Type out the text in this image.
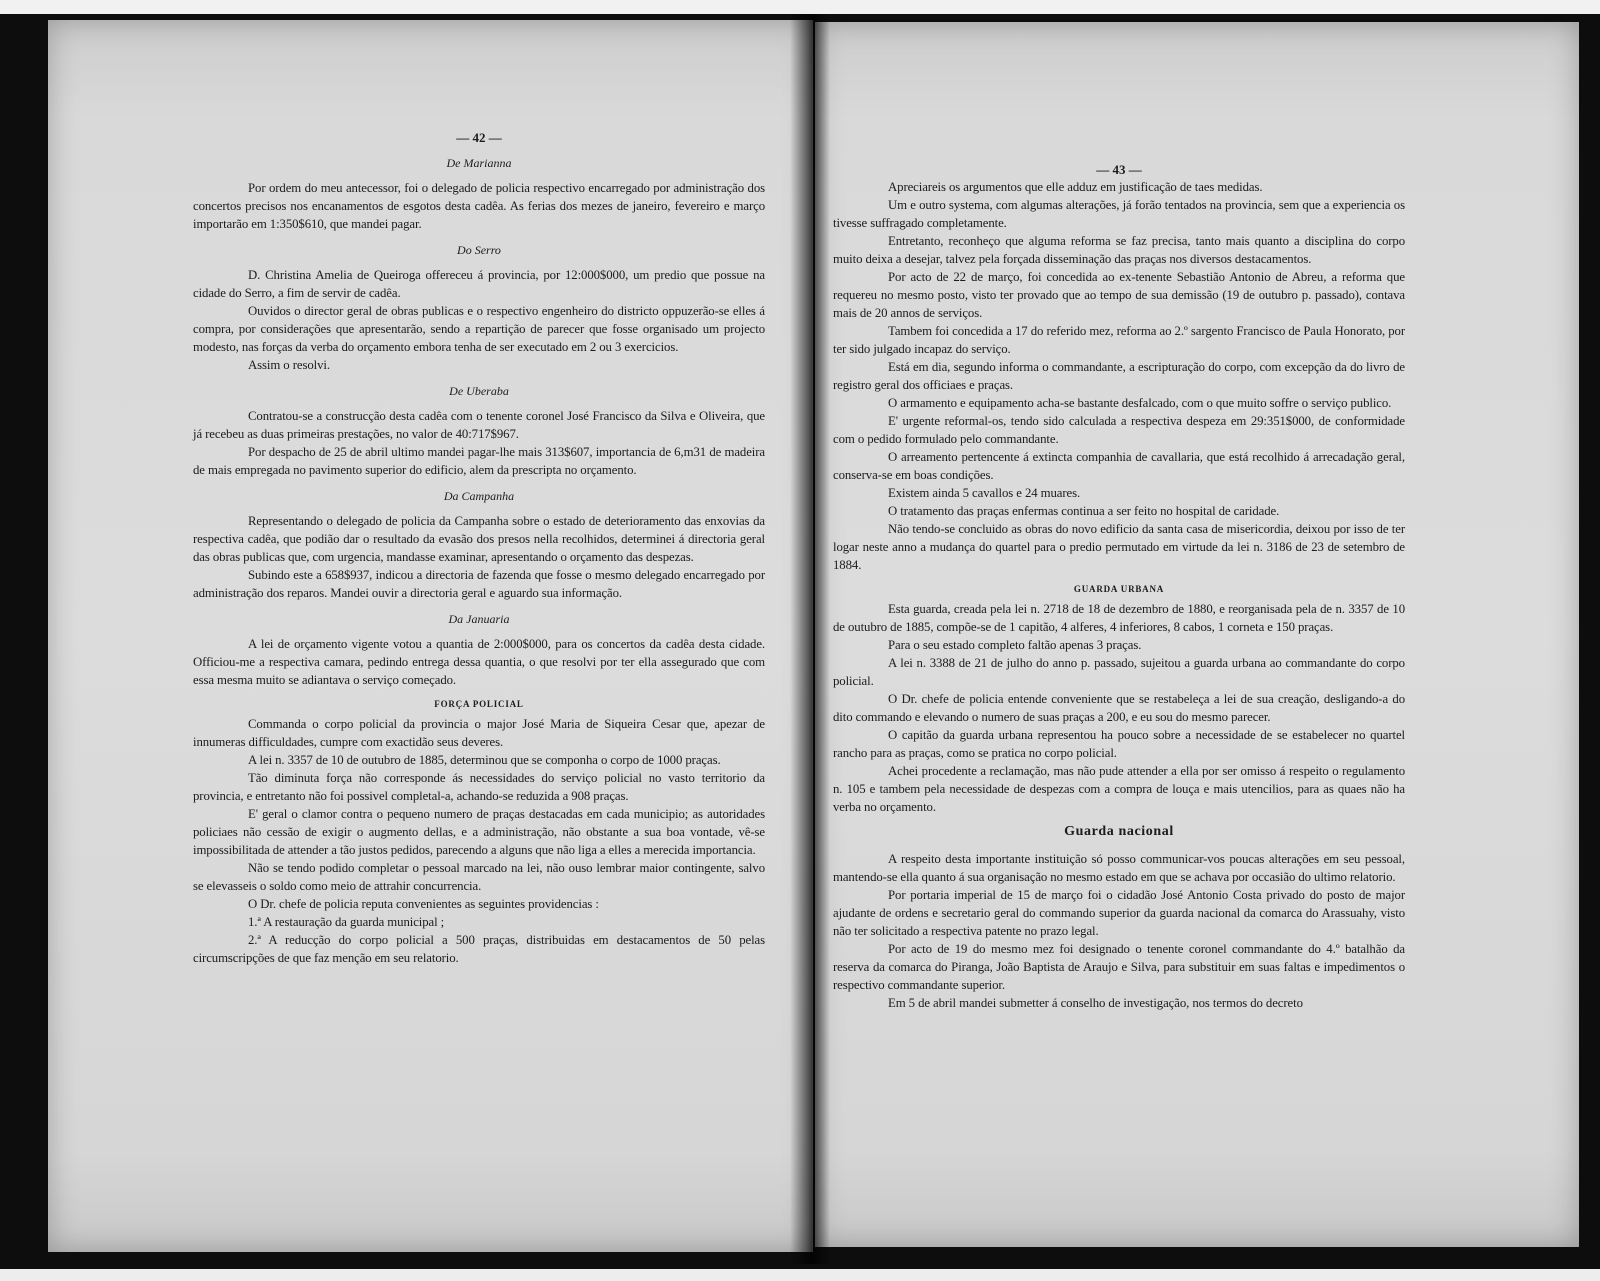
— 42 —
De Marianna

Por ordem do meu antecessor, foi o delegado de policia respectivo encarregado por administração dos concertos precisos nos encanamentos de esgotos desta cadêa. As ferias dos mezes de janeiro, fevereiro e março importarão em 1:350$610, que mandei pagar.

Do Serro

D. Christina Amelia de Queiroga offereceu á provincia, por 12:000$000, um predio que possue na cidade do Serro, a fim de servir de cadêa.

Ouvidos o director geral de obras publicas e o respectivo engenheiro do districto oppuzerão-se elles á compra, por considerações que apresentarão, sendo a repartição de parecer que fosse organisado um projecto modesto, nas forças da verba do orçamento embora tenha de ser executado em 2 ou 3 exercicios.

Assim o resolvi.

De Uberaba

Contratou-se a construcção desta cadêa com o tenente coronel José Francisco da Silva e Oliveira, que já recebeu as duas primeiras prestações, no valor de 40:717$967.

Por despacho de 25 de abril ultimo mandei pagar-lhe mais 313$607, importancia de 6,m31 de madeira de mais empregada no pavimento superior do edificio, alem da prescripta no orçamento.

Da Campanha

Representando o delegado de policia da Campanha sobre o estado de deterioramento das enxovias da respectiva cadêa, que podião dar o resultado da evasão dos presos nella recolhidos, determinei á directoria geral das obras publicas que, com urgencia, mandasse examinar, apresentando o orçamento das despezas.

Subindo este a 658$937, indicou a directoria de fazenda que fosse o mesmo delegado encarregado por administração dos reparos. Mandei ouvir a directoria geral e aguardo sua informação.

Da Januaria

A lei de orçamento vigente votou a quantia de 2:000$000, para os concertos da cadêa desta cidade. Officiou-me a respectiva camara, pedindo entrega dessa quantia, o que resolvi por ter ella assegurado que com essa mesma muito se adiantava o serviço começado.

FORÇA POLICIAL

Commanda o corpo policial da provincia o major José Maria de Siqueira Cesar que, apezar de innumeras difficuldades, cumpre com exactidão seus deveres.

A lei n. 3357 de 10 de outubro de 1885, determinou que se componha o corpo de 1000 praças.

Tão diminuta força não corresponde ás necessidades do serviço policial no vasto territorio da provincia, e entretanto não foi possivel completal-a, achando-se reduzida a 908 praças.

E' geral o clamor contra o pequeno numero de praças destacadas em cada municipio; as autoridades policiaes não cessão de exigir o augmento dellas, e a administração, não obstante a sua boa vontade, vê-se impossibilitada de attender a tão justos pedidos, parecendo a alguns que não liga a elles a merecida importancia.

Não se tendo podido completar o pessoal marcado na lei, não ouso lembrar maior contingente, salvo se elevasseis o soldo como meio de attrahir concurrencia.

O Dr. chefe de policia reputa convenientes as seguintes providencias :

1.ª A restauração da guarda municipal ;

2.ª A reducção do corpo policial a 500 praças, distribuidas em destacamentos de 50 pelas circumscripções de que faz menção em seu relatorio.

— 43 —

Apreciareis os argumentos que elle adduz em justificação de taes medidas.

Um e outro systema, com algumas alterações, já forão tentados na provincia, sem que a experiencia os tivesse suffragado completamente.

Entretanto, reconheço que alguma reforma se faz precisa, tanto mais quanto a disciplina do corpo muito deixa a desejar, talvez pela forçada disseminação das praças nos diversos destacamentos.

Por acto de 22 de março, foi concedida ao ex-tenente Sebastião Antonio de Abreu, a reforma que requereu no mesmo posto, visto ter provado que ao tempo de sua demissão (19 de outubro p. passado), contava mais de 20 annos de serviços.

Tambem foi concedida a 17 do referido mez, reforma ao 2.º sargento Francisco de Paula Honorato, por ter sido julgado incapaz do serviço.

Está em dia, segundo informa o commandante, a escripturação do corpo, com excepção da do livro de registro geral dos officiaes e praças.

O armamento e equipamento acha-se bastante desfalcado, com o que muito soffre o serviço publico.

E' urgente reformal-os, tendo sido calculada a respectiva despeza em 29:351$000, de conformidade com o pedido formulado pelo commandante.

O arreamento pertencente á extincta companhia de cavallaria, que está recolhido á arrecadação geral, conserva-se em boas condições.

Existem ainda 5 cavallos e 24 muares.

O tratamento das praças enfermas continua a ser feito no hospital de caridade.

Não tendo-se concluido as obras do novo edificio da santa casa de misericordia, deixou por isso de ter logar neste anno a mudança do quartel para o predio permutado em virtude da lei n. 3186 de 23 de setembro de 1884.

GUARDA URBANA

Esta guarda, creada pela lei n. 2718 de 18 de dezembro de 1880, e reorganisada pela de n. 3357 de 10 de outubro de 1885, compõe-se de 1 capitão, 4 alferes, 4 inferiores, 8 cabos, 1 corneta e 150 praças.

Para o seu estado completo faltão apenas 3 praças.

A lei n. 3388 de 21 de julho do anno p. passado, sujeitou a guarda urbana ao commandante do corpo policial.

O Dr. chefe de policia entende conveniente que se restabeleça a lei de sua creação, desligando-a do dito commando e elevando o numero de suas praças a 200, e eu sou do mesmo parecer.

O capitão da guarda urbana representou ha pouco sobre a necessidade de se estabelecer no quartel rancho para as praças, como se pratica no corpo policial.

Achei procedente a reclamação, mas não pude attender a ella por ser omisso á respeito o regulamento n. 105 e tambem pela necessidade de despezas com a compra de louça e mais utencilios, para as quaes não ha verba no orçamento.

Guarda nacional

A respeito desta importante instituição só posso communicar-vos poucas alterações em seu pessoal, mantendo-se ella quanto á sua organisação no mesmo estado em que se achava por occasião do ultimo relatorio.

Por portaria imperial de 15 de março foi o cidadão José Antonio Costa privado do posto de major ajudante de ordens e secretario geral do commando superior da guarda nacional da comarca do Arassuahy, visto não ter solicitado a respectiva patente no prazo legal.

Por acto de 19 do mesmo mez foi designado o tenente coronel commandante do 4.º batalhão da reserva da comarca do Piranga, João Baptista de Araujo e Silva, para substituir em suas faltas e impedimentos o respectivo commandante superior.

Em 5 de abril mandei submetter á conselho de investigação, nos termos do decreto
